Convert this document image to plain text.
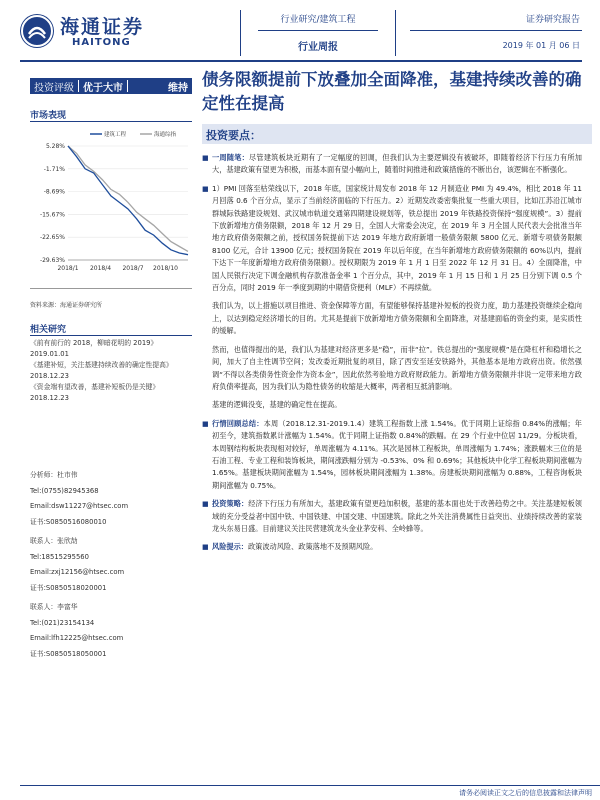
海通证券
HAITONG
行业研究/建筑工程
行业周报
证券研究报告
2019 年 01 月 06 日
投资评级 优于大市	维持 债务限额提前下放叠加全面降准，基建持续改善的确定性在提高
市场表现
5.28%
-1.71%
-8.69%
-15.67%
-22.65%
-29.63%
2018/1 2018/4 2018/7 2018/10
建筑工程	海通综指
资料来源：海通证券研究所
相关研究
《前有前行的 2018，柳暗花明的 2019》
2019.01.01
《基建补短，关注基建持续改善的确定性提高》
2018.12.23
《资金端有望改善，基建补短板仍是关键》
2018.12.23
分析师：杜市伟
Tel:(0755)82945368
Email:dsw11227@htsec.com
证书:S0850516080010
联系人：张欣劼
Tel:18515295560
Email:zxj12156@htsec.com
证书:S0850518020001
联系人：李富华
Tel:(021)23154134
Email:lfh12225@htsec.com
证书:S0850518050001
投资要点：
■ 一周随笔：尽管建筑板块近期有了一定幅度的回调，但我们认为主要逻辑没有被破坏，即随着经济下行压力有所加大，基建政策有望更为积极，而基本面有望小幅向上，随着时间推进和政策措施的不断出台，该逻辑在不断强化。
■ 1）PMI 回落至枯荣线以下，2018 年底，国家统计局发布 2018 年 12 月制造业 PMI 为 49.4%，相比 2018 年 11 月回落 0.6 个百分点，显示了当前经济面临的下行压力。2）近期发改委密集批复一些重大项目，比如江苏沿江城市群城际铁路建设规划、武汉城市轨道交通第四期建设规划等，铁总提出 2019 年铁路投资保持“强度规模”。3）提前下放新增地方债务限额，2018 年 12 月 29 日，全国人大常委会决定，在 2019 年 3 月全国人民代表大会批准当年地方政府债务限额之前，授权国务院提前下达 2019 年地方政府新增一般债务限额 5800 亿元、新增专项债务限额 8100 亿元，合计 13900 亿元；授权国务院在 2019 年以后年度，在当年新增地方政府债务限额的 60%以内，提前下达下一年度新增地方政府债务限额）。授权期限为 2019 年 1 月 1 日至 2022 年 12 月 31 日。4）全面降准，中国人民银行决定下调金融机构存款准备金率 1 个百分点，其中，2019 年 1 月 15 日和 1 月 25 日分别下调 0.5 个百分点，同时 2019 年一季度到期的中期借贷便利（MLF）不再续做。
我们认为，以上措施以项目推进、资金保障等方面，有望能够保持基建补短板的投资力度，助力基建投资继续企稳向上，以达到稳定经济增长的目的。尤其是提前下放新增地方债务限额和全面降准，对基建面临的资金约束，是实质性的缓解。
然而，也值得提出的是，我们认为基建对经济更多是“稳”，而非“拉”。铁总提出的“强度规模”是在降杠杆和稳增长之间，加大了自主性调节空间；发改委近期批复的项目，除了西安至延安铁路外，其他基本是地方政府出资。依然强调“不得以各类债务性资金作为资本金”，因此依然考验地方政府财政能力。新增地方债务限额并非说一定带来地方政府负债率提高，因为我们认为隐性债务的收缩是大概率，两者相互抵消影响。
基建的逻辑没变，基建的确定性在提高。
■ 行情回顾总结：本周（2018.12.31-2019.1.4）建筑工程指数上涨 1.54%。优于同期上证综指 0.84%的涨幅；年初至今，建筑指数累计涨幅为 1.54%。优于同期上证指数 0.84%的跌幅。在 29 个行业中位居 11/29。分板块看，本周钢结构板块表现相对较好，单周涨幅为 4.11%。其次是园林工程板块，单周涨幅为 1.74%；涨跌幅末三位的是石油工程、专业工程和装饰板块，期间涨跌幅分别为 -0.53%、0% 和 0.69%；其他板块中化学工程板块期间涨幅为 1.65%。基建板块期间涨幅为 1.54%，园林板块期间涨幅为 1.38%。房建板块期间涨幅为 0.88%，工程咨询板块期间涨幅为 0.75%。
■ 投资策略：经济下行压力有所加大，基建政策有望更趋加积极，基建的基本面也处于改善趋势之中。关注基建短板领域的充分受益者中国中铁、中国铁建、中国交建、中国建筑。除此之外关注消费属性日益突出、业绩持续改善的家装龙头东易日盛。目前建议关注民营建筑龙头金业茅安科、全岭蜂等。
■ 风险提示：政策波动风险、政策落地不及预期风险。
请务必阅读正文之后的信息披露和法律声明
